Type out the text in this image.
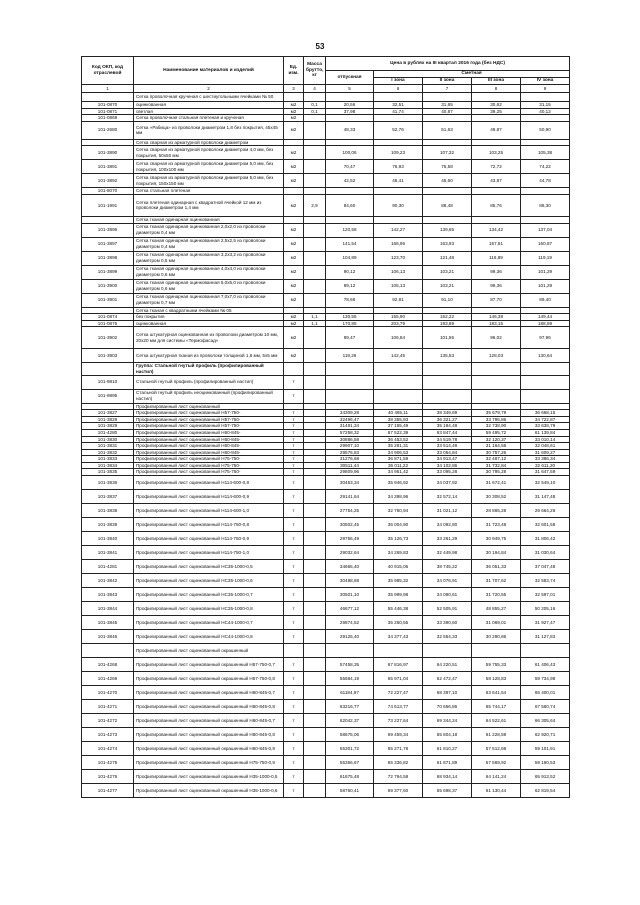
53
Код ОКП, код отраслевой	Наименование материалов и изделий	Ед. изм.	Масса брутто, кг	Цена в рублях на III квартал 2016 года (без НДС)				
				отпускная	Сметная			
					I зона	II зона	III зона	IV зона
1	2	3	4	5	6	7	8	9
	Сетка проволочная крученая с шестиугольными ячейками № 50							
101-0870	оцинкованная	м2	0,1	20,56	32,51	31,65	30,62	31,15
101-0871	светлая	м2	0,1	37,98	41,74	40,87	39,25	40,12
101-0869	Сетка проволочная стальная плетеная и крученая	м2						
101-2680	Сетка «Рабица» из проволоки диаметром 1,8 без покрытия, 45х45 мм	м2		48,33	52,76	51,63	49,87	50,90
	Сетка сварная из арматурной проволоки диаметром							
101-3890	Сетка сварная из арматурной проволоки диаметром 4,0 мм, без покрытия, 50х50 мм	м2		100,06	109,23	107,32	103,25	105,38
101-3891	Сетка сварная из арматурной проволоки диаметром 5,0 мм, без покрытия, 100х100 мм	м2		70,47	76,93	75,58	72,72	74,22
101-3892	Сетка сварная из арматурной проволоки диаметром 5,0 мм, без покрытия, 150х150 мм	м2		42,52	46,41	45,60	43,87	44,78
101-8070	Сетка стальная плетеная							
101-1991	Сетка плетеная одинарная с квадратной ячейкой 12 мм из проволоки диаметром 1,4 мм	м2	2,9	84,60	90,30	88,48	85,76	88,30
	Сетка тканая одинарная оцинкованная							
101-3896	Сетка тканая одинарная оцинкованная 2,0х2,0 из проволоки диаметром 0,4 мм	м2		120,58	142,27	139,65	134,42	137,04
101-3897	Сетка тканая одинарная оцинкованная 2,5х2,5 из проволоки диаметром 0,4 мм	м2		141,54	166,96	163,93	157,81	160,87
101-3898	Сетка тканая одинарная оцинкованная 3,2х3,2 из проволоки диаметром 0,5 мм	м2		104,89	123,70	121,48	116,89	119,19
101-3899	Сетка тканая одинарная оцинкованная 4,0х4,0 из проволоки диаметром 0,6 мм	м2		90,12	106,13	103,21	99,36	101,29
101-3900	Сетка тканая одинарная оцинкованная 5,0х5,0 из проволоки диаметром 0,6 мм	м2		89,12	105,13	103,21	99,36	101,29
101-3901	Сетка тканая одинарная оцинкованная 7,0х7,0 из проволоки диаметром 0,7 мм	м2		78,66	92,81	91,10	87,70	89,40
	Сетка тканая с квадратными ячейками № 05							
101-0874	без покрытия	м2	1,1	130,55	155,90	152,22	146,38	149,44
101-0875	оцинкованная	м2	1,1	170,85	203,79	193,89	183,15	188,59
101-3902	Сетка штукатурная оцинкованная из проволоки диаметром 10 мм, 20х20 мм для системы «Термофасад»	м2		89,47	106,84	101,55	96,02	97,96
101-3903	Сетка штукатурная тканая из проволоки толщиной 1,6 мм, 5х5 мм	м2		119,26	142,45	135,53	128,03	130,64
	Группа: Стальной гнутый профиль (профилированный настил)							
101-9810	Стальной гнутый профиль (профилированный настил)	т						
101-9895	Стальной гнутый профиль неоцинкованный (профилированный настил)	т						
	Профилированный лист оцинкованный							
101-3827	Профилированный лист оцинкованный Н57-750-	т		34309,28	40 465,11	38 349,69	35 679,79	36 668,15
101-3828	Профилированный лист оцинкованный Н57-750-	т		32496,47	38 355,93	36 321,27	33 795,86	34 722,87
101-3829	Профилированный лист оцинкованный Н57-750-	т		31481,34	37 155,49	35 184,48	32 738,90	33 638,79
101-4280	Профилированный лист оцинкованный Н60-845-	т		57258,32	67 522,39	63 847,44	59 495,72	61 139,84
101-3830	Профилированный лист оцинкованный Н60-845-	т		30886,58	36 453,52	34 519,78	32 120,37	33 010,14
101-3831	Профилированный лист оцинкованный Н60-845-	т		29907,10	35 281,31	33 514,49	31 164,58	32 048,61
101-3832	Профилированный лист оцинкованный Н60-845-	т		29576,83	34 906,53	33 054,84	30 757,26	31 609,27
101-3833	Профилированный лист оцинкованный Н75-750-	т		31276,68	36 871,59	34 913,47	32 487,12	33 386,34
101-3834	Профилированный лист оцинкованный Н75-750-	т		30511,44	36 011,22	34 102,86	31 732,84	32 611,20
101-3835	Профилированный лист оцинкованный Н75-750-	т		29809,96	34 951,42	33 095,28	30 795,28	31 647,59
101-3836	Профилированный лист оцинкованный Н114-600-0,8	т		30453,34	35 946,92	34 037,92	31 672,41	32 549,10
101-3837	Профилированный лист оцинкованный Н114-600-0,9	т		29141,64	34 398,96	32 572,14	30 308,52	31 147,48
101-3838	Профилированный лист оцинкованный Н114-600-1,0	т		27754,25	32 760,94	31 021,12	28 865,28	29 664,26
101-3839	Профилированный лист оцинкованный Н114-750-0,8	т		30502,45	36 004,90	34 092,80	31 723,48	32 601,58
101-3840	Профилированный лист оцинкованный Н114-750-0,9	т		29756,49	35 126,73	33 261,29	30 949,75	31 806,42
101-3841	Профилированный лист оцинкованный Н114-750-1,0	т		29032,64	34 269,83	32 449,98	30 194,84	31 030,64
101-4281	Профилированный лист оцинкованный НС35-1000-0,5	т		34665,40	40 915,06	38 745,22	36 051,33	37 047,48
101-3842	Профилированный лист оцинкованный НС35-1000-0,6	т		30488,68	35 985,32	34 076,91	31 707,62	32 583,74
101-3843	Профилированный лист оцинкованный НС35-1000-0,7	т		30501,10	35 999,98	34 090,61	31 720,55	32 597,01
101-3844	Профилированный лист оцинкованный НС35-1000-0,8	т		46677,12	55 446,38	52 505,91	48 855,27	50 205,16
101-3845	Профилированный лист оцинкованный НС44-1000-0,7	т		29874,52	35 260,55	33 390,60	31 069,01	31 927,47
101-3846	Профилированный лист оцинкованный НС44-1000-0,8	т		29125,40	34 377,43	32 554,33	30 290,86	31 127,83
	Профилированный лист оцинкованный окрашенный							
101-4268	Профилированный лист оцинкованный окрашенный Н57-750-0,7	т		57458,35	67 816,97	64 220,51	59 755,33	61 406,43
101-4269	Профилированный лист оцинкованный окрашенный Н57-750-0,8	т		55684,19	65 971,04	62 472,47	58 128,83	59 734,98
101-4270	Профилированный лист оцинкованный окрашенный Н60-845-0,7	т		61184,97	72 227,47	68 397,10	63 641,54	65 400,01
101-4271	Профилированный лист оцинкованный окрашенный Н60-845-0,8	т		63216,77	74 613,77	70 656,86	65 744,17	67 560,74
101-4272	Профилированный лист оцинкованный окрашенный Н60-845-0,7	т		62042,37	73 227,64	69 344,24	64 522,61	66 305,64
101-4273	Профилированный лист оцинкованный окрашенный Н60-845-0,8	т		58675,06	69 459,34	65 804,18	61 228,59	62 920,71
101-4274	Профилированный лист оцинкованный окрашенный Н60-845-0,9	т		55301,72	65 271,78	61 810,27	57 512,68	59 101,91
101-4275	Профилированный лист оцинкованный окрашенный Н75-750-0,9	т		55356,67	65 336,82	61 871,89	57 569,92	59 160,53
101-4276	Профилированный лист оцинкованный окрашенный Н35-1000-0,5	т		61675,48	72 794,58	68 934,14	64 141,24	65 913,52
101-4277	Профилированный лист оцинкованный окрашенный Н35-1000-0,6	т		58760,41	69 377,60	65 698,37	61 130,44	62 819,54
